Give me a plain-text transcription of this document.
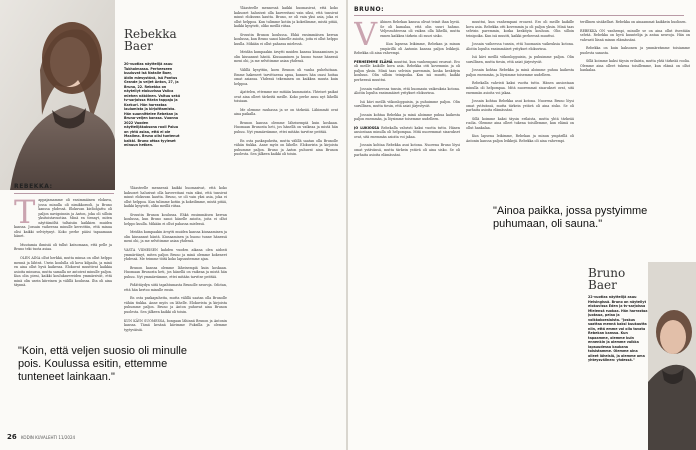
Rebekka
Baer
20-vuotias näyttelijä asuu Tukholmassa. Perheeseen kuuluvat isä Natalie Baer, äidin miesystävä, isä Pontus Grande ja veljet Anton, 27, ja Bruno, 22. Rebekka on näytellyt elokuvissa Vallca miehen näköinen. Valtuu sekä tv-sarjoissa Härän tappaja ja Karkuri. Hän harrastaa laulamista ja kirjoittamista. Hän suunnittelee Rebekan ja Bruno-veljen kanssa. Vuonna 2022 Vuoden näyttelijäkaksona rooli Paluu on yhtä asiaa, että ei ole Maailma. Bruno olisi tuntenut kaikki. Bruno ottaa tyyleset minuun hetken.
REBEKKA:

Tappajamamme oli ensimmäinen elokuva, jossa minulla oli nimikkorooli, ja Bruno kanssa yhdessä. Elokuvan kieliohjattu oli paljon navigoinnin ja Anton, joka oli silloin yksitoistavuotias. Minä en tiennyt, miten näyttämöltä tultaisiin kaikkien muiden kanssa. Jossain vaiheessa minulle kerrottiin, että minua olisi kaikki selviytynyt. Koko perhe pääsi tapaamaan hänet.

Muutamia ihmisiä oli tullut katsomaan, että pelle ja Bruno teki tuota asiaa.

OLEN AINA ollut herkkä, mutta minua on ollut helppo mennä ja lähteä. Usein koululla oli kova kilpailu, ja minä en aina ollut hyvä kaikessa. Elokuvat muuttivat kaikkia asioita minussa, mutta samalla ne antoivat minulle paljon. Kun olin pieni, kaikki koulukavereiden ymmärsivät, että minä olin usein kiireinen ja välillä koulussa. Ilta oli aina täynnä.

"Koin, että veljen suosio oli minulle pois. Koulussa esitin, ettemme tunteneet lainkaan."

Yläasteelle mennessä kaikki huomasivat, että koko kaksoset halusivat olla kavereitani vain siksi, että tunsivat minut elokuvan kautta. Bruno, se oli vain yksi asia, joka ei ollut helppoa. Kun tulimme kotiin ja kokeilimme, mistä pitää, kaikki kysyivät, oliko meillä riitaa.

Sivuutin Brunon koulussa. Ehkä ensimmäisen kerran koulussa, kun Bruno sanoi hänelle asioita, joita ei ollut helppo kuulla. Mikään ei ollut pahassa mielessä.

Meidän kumpaakin ärsytti muiden kanssa kiusaaminen ja olin kiusannut häntä. Kiusaaminen ja huono tunne hänessä meni ohi, ja me selvitimme asian yhdessä.

VASTA VIIMEISEN kahden vuoden aikana olen aidosti ymmärtänyt, miten paljon Bruno ja minä olemme kokeneet yhdessä. Me teimme töitä koko lapsuutemme ajan.

Brunon kanssa olemme läheisempiä kuin koskaan. Huomaan Brunosta heti, jos hänellä on vaikeaa ja mistä hän puhuu. Nyt ymmärrämme, ettei mitään tarvitse peittää.

Pidättäydyn siitä tapahtumasta Brunolle neuvoja. Odotan, että hän kertoo minulle ensin.

En osta paskapuheita, mutta välillä saatan olla Brunolle vähän tiukka. Anne myös on lähelle. Elokuvista ja kirjoista puhumme paljon. Bruno ja Anton puhuvat aina Brunon puolesta. Sen jälkeen kaikki oli toisin.

KUN KÄYN SUOMESSA, bongaan lähinnä Brunon ja Antonin kanssa. Tämä kesänä kävimme Fuksilla ja olemme tyytyväisiä.

Yläasteelle mennessä kaikki huomasivat, että koko kaksoset halusivat olla kavereitani vain siksi, että tunsivat minut elokuvan kautta. Bruno, se oli vain yksi asia, joka ei ollut helppoa. Kun tulimme kotiin ja kokeilimme, mistä pitää, kaikki kysyivät, oliko meillä riitaa.

Sivuutin Brunon koulussa. Ehkä ensimmäisen kerran koulussa, kun Bruno sanoi hänelle asioita, joita ei ollut helppo kuulla. Mikään ei ollut pahassa mielessä.

Meidän kumpaakin ärsytti muiden kanssa kiusaaminen ja olin kiusannut häntä. Kiusaaminen ja huono tunne hänessä meni ohi, ja me selvitimme asian yhdessä.

Välillä kysyttiin, koen Brunon oli vanha puheluitaan. Emme hakeneet tarvittaessa apua, kunnes hän osasi hoitaa omat asiansa. Yhdessä tekeminen on kaikkea muuta kuin helppoa.

Ajattelen, ettemme me mitään kummoista. Yhteiset paikat ovat aina olleet tärkeitä meille. Koko perhe asuu nyt lähellä toisiaan.

Me olemme rauhassa ja se on tärkeää. Lähimmät ovat aina paikalla.

Brunon kanssa olemme läheisempiä kuin koskaan. Huomaan Brunosta heti, jos hänellä on vaikeaa ja mistä hän puhuu. Nyt ymmärrämme, ettei mitään tarvitse peittää.

En osta paskapuheita, mutta välillä saatan olla Brunolle vähän tiukka. Anne myös on lähelle. Elokuvista ja kirjoista puhumme paljon. Bruno ja Anton puhuvat aina Brunon puolesta. Sen jälkeen kaikki oli toisin.

26 KODIN KUVALEHTI 11/2024
BRUNO:

Vähinen Rebekan kanssa olivat teinit ihan hyviä. Se oli kamalaa, että olin suuri hahmo. Veljessuhteessa oli vaikea olla lähellä, mutta ennen kaikkea tärkein oli suuri sisko.

Kun lapsena leikimme, Rebekan ja minun ympärillä oli Antonin kanssa paljon leikkejä. Rebekka oli aina vahvempi.

PERHEEMME ELÄMÄ muuttui, kun vanhempani eroavat. Ero oli meille kaikille kova asia. Rebekka otti kovemmin ja oli paljon yksin. Minä taas selvisin paremmin, koska keskityin kouluun. Olin silloin teinipoika. Kun isä muutti, kaikki perheessä muuttui.

Jossain vaiheessa tunsin, että huomasin vaikeuksia kotona. Aloitin lopulta ensimmäiset yritykset elokuvissa.

Isä kävi meillä viikonloppuisin, ja puhuimme paljon. Olin surullinen, mutta tiesin, että asiat järjestyvät.

Jossain kohtaa Rebekka ja minä aloimme puhua kaikesta paljon enemmän, ja löysimme toisemme uudelleen.

JO LUKIOSSA Rebekalla vahvisti kaksi vuotta tuttu. Hänen ansiostaan minulla oli helpompaa. Mitä nuoremmat sisarukset ovat, sitä enemmän asioita voi jakaa.

Jossain kohtaa Rebekka asui kotona. Nuorena Bruno löysi omat ystävänsä, mutta tärkein ystävä oli aina sisko. Se oli parhaita asioita elämässäni.

muuttui, kun vanhempani eroavat. Ero oli meille kaikille kova asia. Rebekka otti kovemmin ja oli paljon yksin. Minä taas selvisin paremmin, koska keskityin kouluun. Olin silloin teinipoika. Kun isä muutti, kaikki perheessä muuttui.

Jossain vaiheessa tunsin, että huomasin vaikeuksia kotona. Aloitin lopulta ensimmäiset yritykset elokuvissa.

Isä kävi meillä viikonloppuisin, ja puhuimme paljon. Olin surullinen, mutta tiesin, että asiat järjestyvät.

Jossain kohtaa Rebekka ja minä aloimme puhua kaikesta paljon enemmän, ja löysimme toisemme uudelleen.

Rebekalla vahvisti kaksi vuotta tuttu. Hänen ansiostaan minulla oli helpompaa. Mitä nuoremmat sisarukset ovat, sitä enemmän asioita voi jakaa.

Jossain kohtaa Rebekka asui kotona. Nuorena Bruno löysi omat ystävänsä, mutta tärkein ystävä oli aina sisko. Se oli parhaita asioita elämässäni.

Sillä koimme kaksi täysin erilaista, mutta yhtä tärkeää roolia. Olemme aina olleet tukena toisillemme, kun elämä on ollut hankalaa.

Kun lapsena leikimme, Rebekan ja minun ympärillä oli Antonin kanssa paljon leikkejä. Rebekka oli aina vahvempi.

terillinen sisäkellari. Rebekka on ainaammat kaikkein huolinen.

REBEKKA ON vanhempi, minulle se on aina ollut itsestään selvää. Rebekka on hyvä kuuntelija ja antaa neuvoja. Hän on vahvasti läsnä minun elämässäni.

Rebekka on kuin kaksonen ja ymmärrämme toisiamme puolesta sanasta.

Sillä koimme kaksi täysin erilaista, mutta yhtä tärkeää roolia. Olemme aina olleet tukena toisillemme, kun elämä on ollut hankalaa.

"Ainoa paikka, jossa pystyimme puhumaan, oli sauna."
Bruno
Baer
22-vuotias näyttelijä asuu Helsingissä. Bruno on näytellyt elokuvissa Eden ja tv-sarjoissa Mielensä ruokaa. Hän harrastaa juoksua, pelaa ja voikkokoesiaista. "Joskus saattaa mennä kaksi kuukautta niin, että emme voi olla tavata Rebekan kanssa. Kun tapaamme, olemme kuin ennenkin ja olemme vaikka lapsuudessa kaukana toisistamme. Olemme aina olleet läheisiä, ja olemme oma yhteysvälinen: yhdessä."
